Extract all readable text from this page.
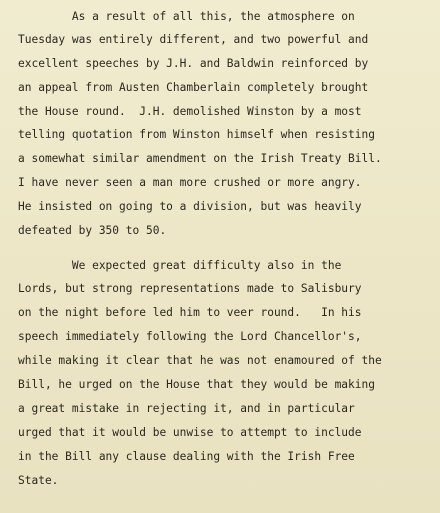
As a result of all this, the atmosphere on
Tuesday was entirely different, and two powerful and
excellent speeches by J.H. and Baldwin reinforced by
an appeal from Austen Chamberlain completely brought
the House round.  J.H. demolished Winston by a most
telling quotation from Winston himself when resisting
a somewhat similar amendment on the Irish Treaty Bill.
I have never seen a man more crushed or more angry.
He insisted on going to a division, but was heavily
defeated by 350 to 50.
We expected great difficulty also in the
Lords, but strong representations made to Salisbury
on the night before led him to veer round.   In his
speech immediately following the Lord Chancellor's,
while making it clear that he was not enamoured of the
Bill, he urged on the House that they would be making
a great mistake in rejecting it, and in particular
urged that it would be unwise to attempt to include
in the Bill any clause dealing with the Irish Free
State.
